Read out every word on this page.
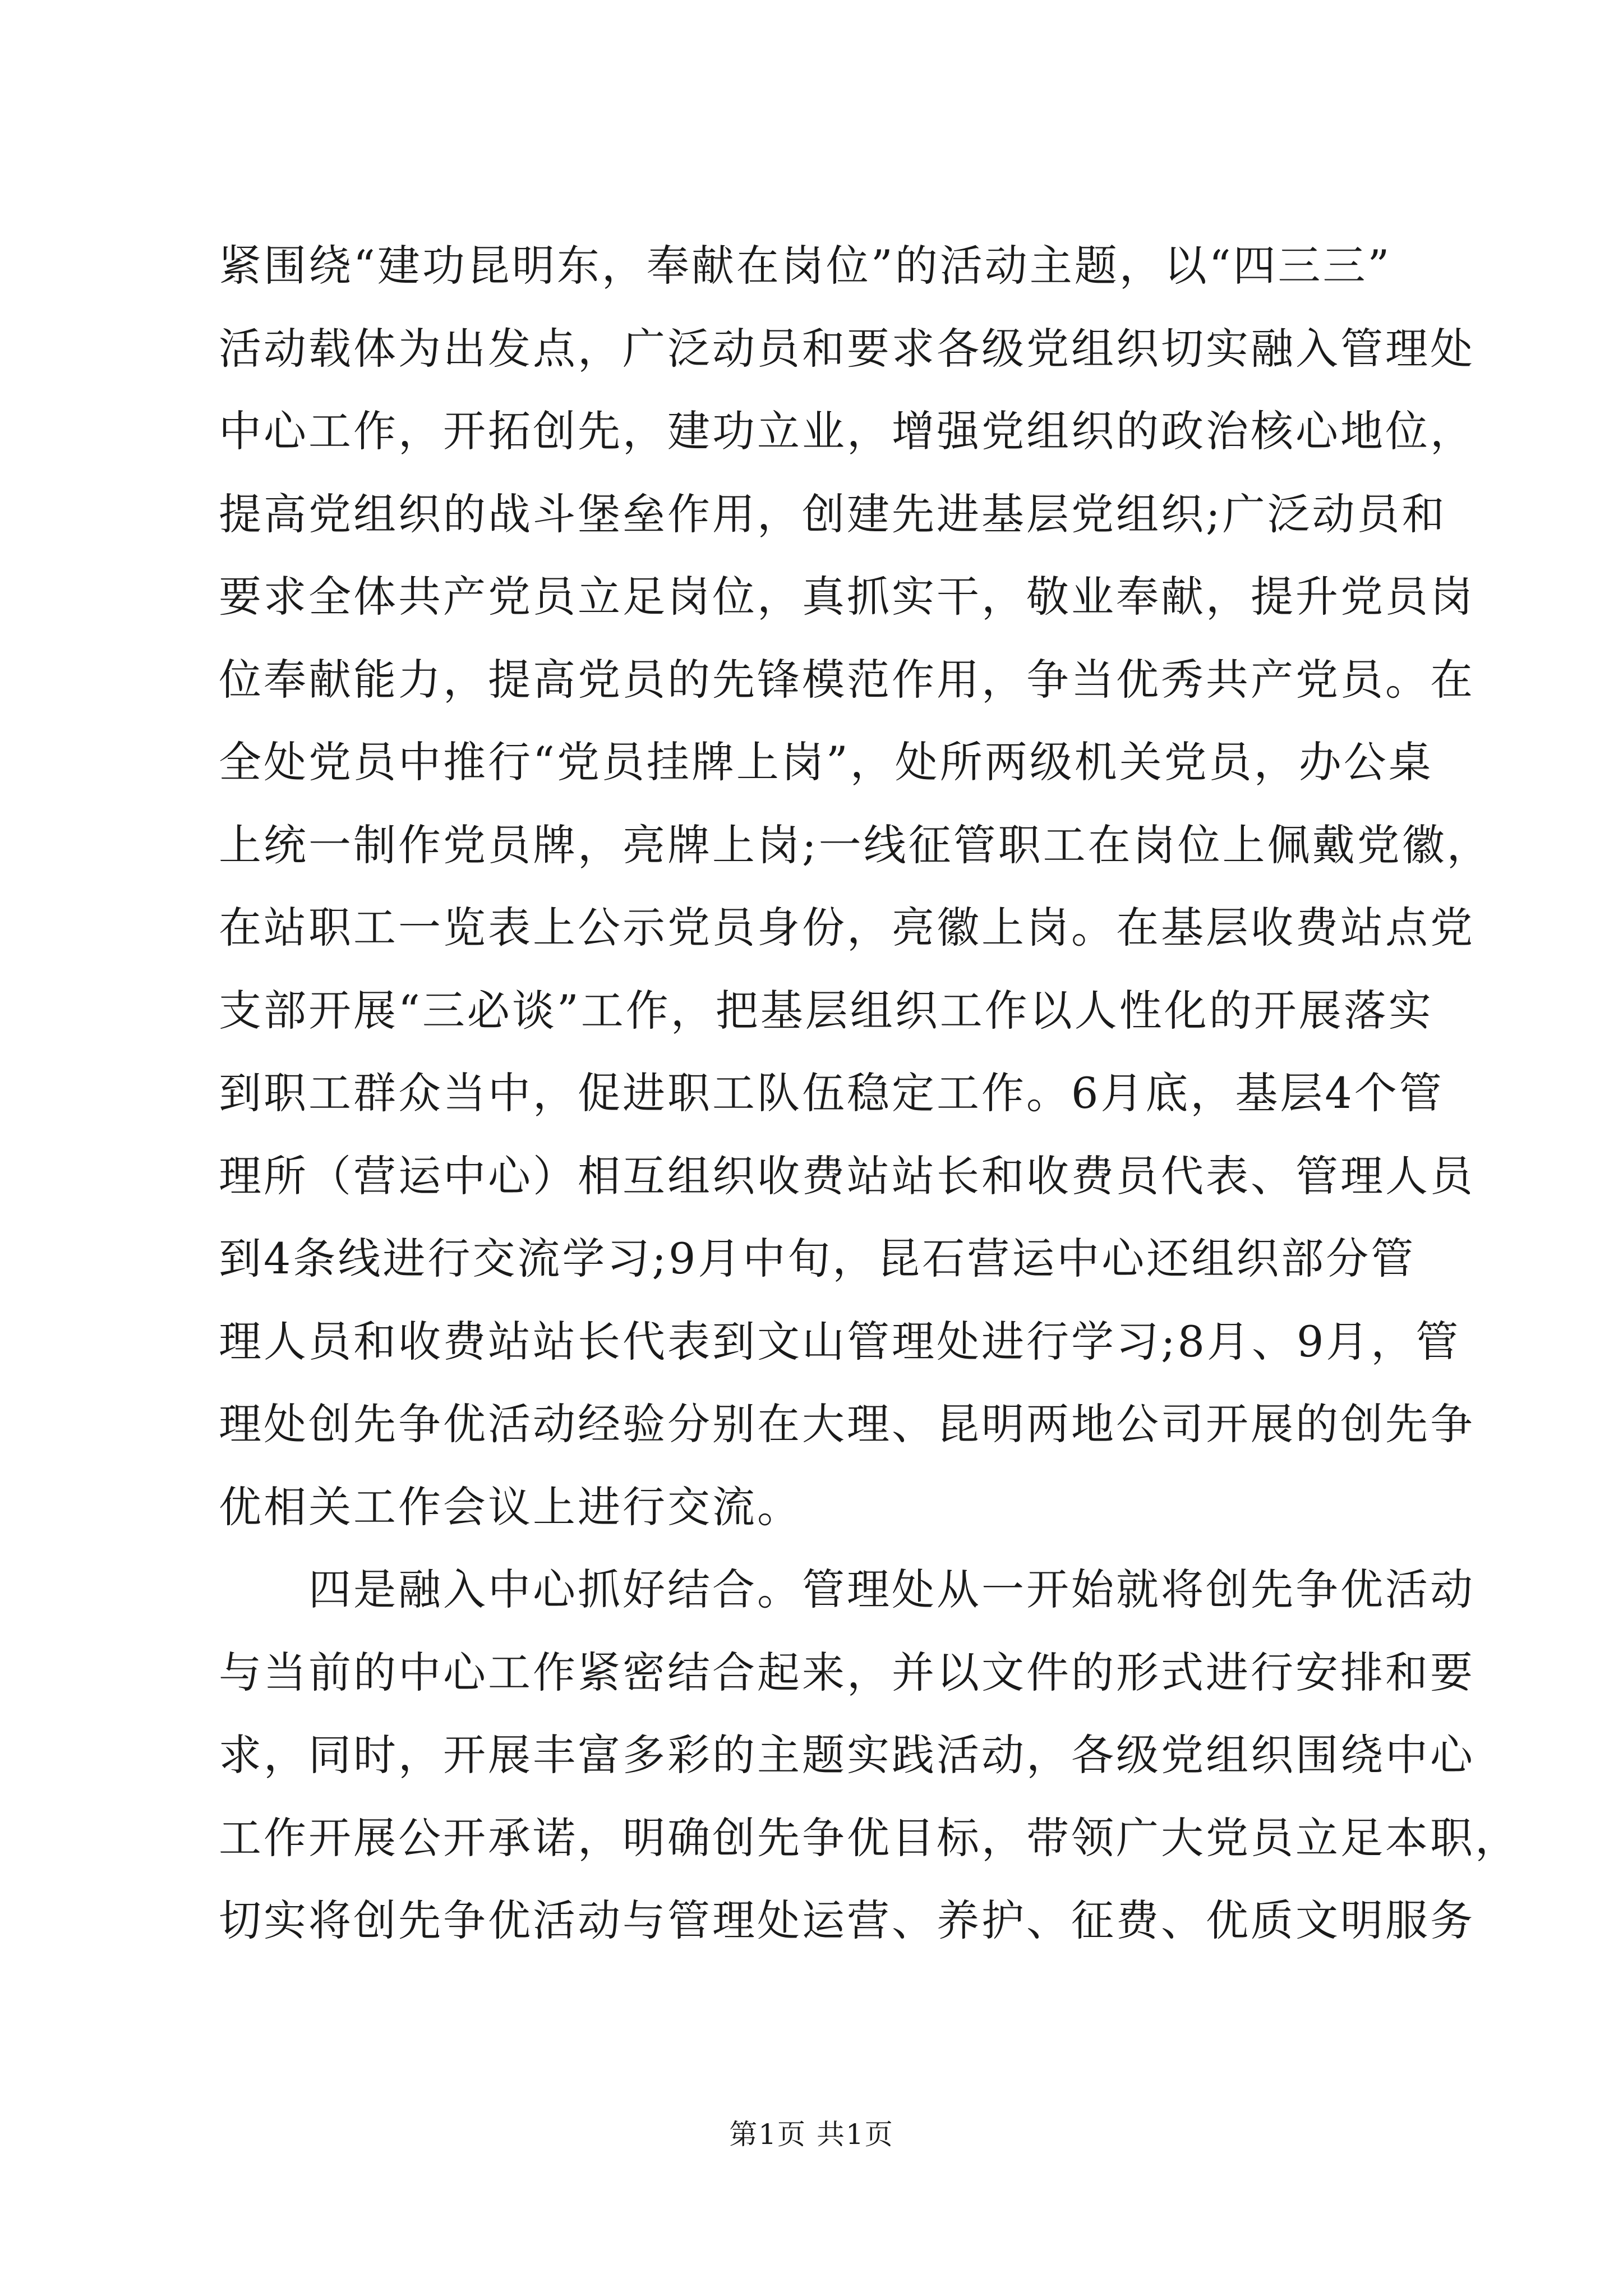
紧围绕“建功昆明东，奉献在岗位”的活动主题，以“四三三”
活动载体为出发点，广泛动员和要求各级党组织切实融入管理处
中心工作，开拓创先，建功立业，增强党组织的政治核心地位，
提高党组织的战斗堡垒作用，创建先进基层党组织;广泛动员和
要求全体共产党员立足岗位，真抓实干，敬业奉献，提升党员岗
位奉献能力，提高党员的先锋模范作用，争当优秀共产党员。在
全处党员中推行“党员挂牌上岗”，处所两级机关党员，办公桌
上统一制作党员牌，亮牌上岗;一线征管职工在岗位上佩戴党徽，
在站职工一览表上公示党员身份，亮徽上岗。在基层收费站点党
支部开展“三必谈”工作，把基层组织工作以人性化的开展落实
到职工群众当中，促进职工队伍稳定工作。6月底，基层4个管
理所（营运中心）相互组织收费站站长和收费员代表、管理人员
到4条线进行交流学习;9月中旬，昆石营运中心还组织部分管
理人员和收费站站长代表到文山管理处进行学习;8月、9月，管
理处创先争优活动经验分别在大理、昆明两地公司开展的创先争
优相关工作会议上进行交流。
四是融入中心抓好结合。管理处从一开始就将创先争优活动
与当前的中心工作紧密结合起来，并以文件的形式进行安排和要
求，同时，开展丰富多彩的主题实践活动，各级党组织围绕中心
工作开展公开承诺，明确创先争优目标，带领广大党员立足本职，
切实将创先争优活动与管理处运营、养护、征费、优质文明服务
第1页 共1页
